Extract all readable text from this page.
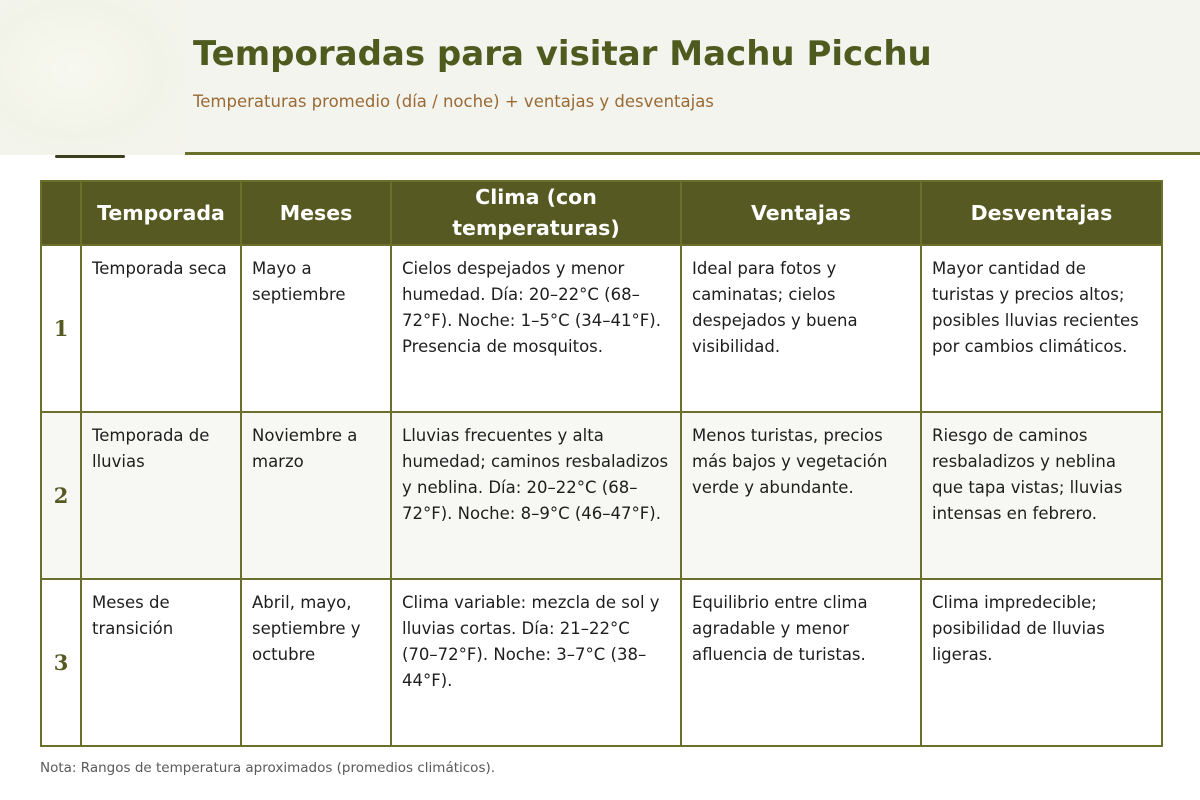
Temporadas para visitar Machu Picchu

Temperaturas promedio (día / noche) + ventajas y desventajas

	Temporada	Meses	Clima (con temperaturas)	Ventajas	Desventajas
1	Temporada seca	Mayo a septiembre	Cielos despejados y menor humedad. Día: 20–22°C (68–72°F). Noche: 1–5°C (34–41°F). Presencia de mosquitos.	Ideal para fotos y caminatas; cielos despejados y buena visibilidad.	Mayor cantidad de turistas y precios altos; posibles lluvias recientes por cambios climáticos.
2	Temporada de lluvias	Noviembre a marzo	Lluvias frecuentes y alta humedad; caminos resbaladizos y neblina. Día: 20–22°C (68–72°F). Noche: 8–9°C (46–47°F).	Menos turistas, precios más bajos y vegetación verde y abundante.	Riesgo de caminos resbaladizos y neblina que tapa vistas; lluvias intensas en febrero.
3	Meses de transición	Abril, mayo, septiembre y octubre	Clima variable: mezcla de sol y lluvias cortas. Día: 21–22°C (70–72°F). Noche: 3–7°C (38–44°F).	Equilibrio entre clima agradable y menor afluencia de turistas.	Clima impredecible; posibilidad de lluvias ligeras.

Nota: Rangos de temperatura aproximados (promedios climáticos).
